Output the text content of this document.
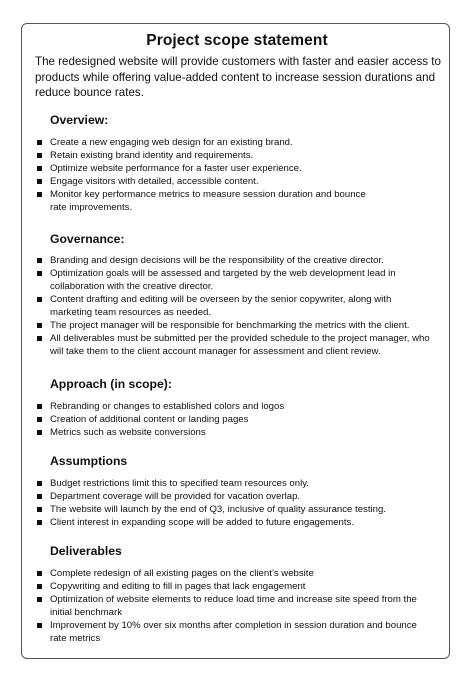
Project scope statement
The redesigned website will provide customers with faster and easier access to products while offering value-added content to increase session durations and reduce bounce rates.
Overview:
Create a new engaging web design for an existing brand.
Retain existing brand identity and requirements.
Optimize website performance for a faster user experience.
Engage visitors with detailed, accessible content.
Monitor key performance metrics to measure session duration and bounce rate improvements.
Governance:
Branding and design decisions will be the responsibility of the creative director.
Optimization goals will be assessed and targeted by the web development lead in collaboration with the creative director.
Content drafting and editing will be overseen by the senior copywriter, along with marketing team resources as needed.
The project manager will be responsible for benchmarking the metrics with the client.
All deliverables must be submitted per the provided schedule to the project manager, who will take them to the client account manager for assessment and client review.
Approach (in scope):
Rebranding or changes to established colors and logos
Creation of additional content or landing pages
Metrics such as website conversions
Assumptions
Budget restrictions limit this to specified team resources only.
Department coverage will be provided for vacation overlap.
The website will launch by the end of Q3, inclusive of quality assurance testing.
Client interest in expanding scope will be added to future engagements.
Deliverables
Complete redesign of all existing pages on the client’s website
Copywriting and editing to fill in pages that lack engagement
Optimization of website elements to reduce load time and increase site speed from the initial benchmark
Improvement by 10% over six months after completion in session duration and bounce rate metrics
